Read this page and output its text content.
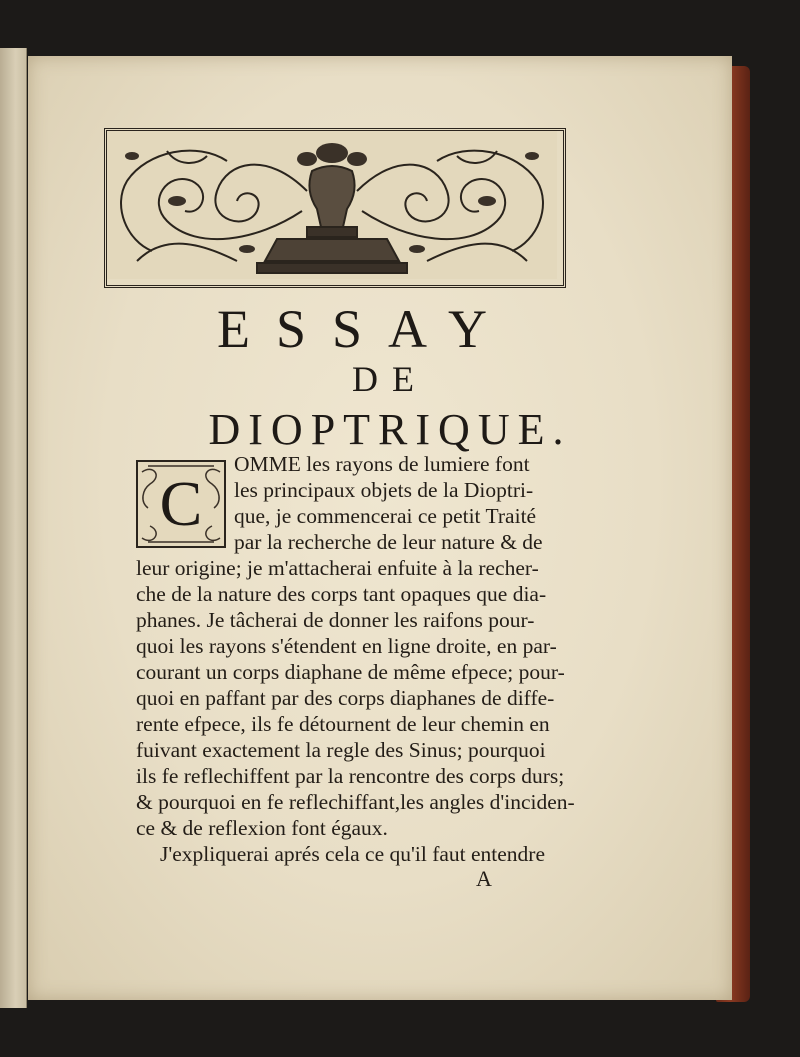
ESSAY
DE
DIOPTRIQUE.
C
OMME les rayons de lumiere font
les principaux objets de la Dioptri-
que, je commencerai ce petit Traité
par la recherche de leur nature & de
leur origine; je m'attacherai enfuite à la recher-
che de la nature des corps tant opaques que dia-
phanes. Je tâcherai de donner les raifons pour-
quoi les rayons s'étendent en ligne droite, en par-
courant un corps diaphane de même efpece; pour-
quoi en paffant par des corps diaphanes de diffe-
rente efpece, ils fe détournent de leur chemin en
fuivant exactement la regle des Sinus; pourquoi
ils fe reflechiffent par la rencontre des corps durs;
& pourquoi en fe reflechiffant,les angles d'inciden-
ce & de reflexion font égaux.
J'expliquerai aprés cela ce qu'il faut entendre
A
